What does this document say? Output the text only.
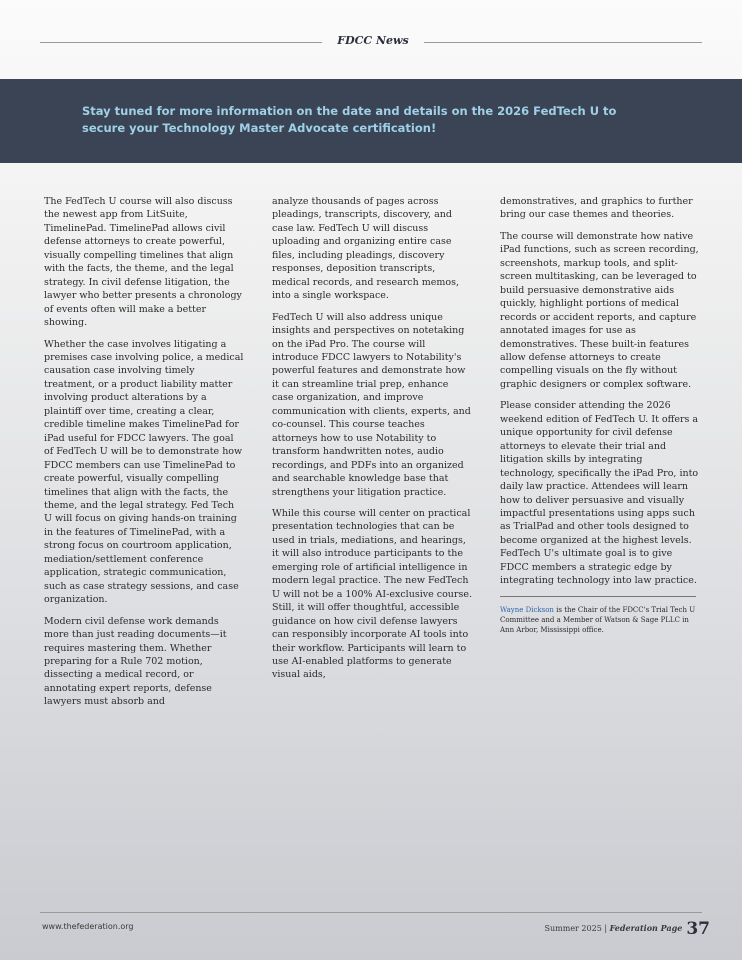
FDCC News
Stay tuned for more information on the date and details on the 2026 FedTech U to secure your Technology Master Advocate certification!

The FedTech U course will also discuss the newest app from LitSuite, TimelinePad. TimelinePad allows civil defense attorneys to create powerful, visually compelling timelines that align with the facts, the theme, and the legal strategy. In civil defense litigation, the lawyer who better presents a chronology of events often will make a better showing.

Whether the case involves litigating a premises case involving police, a medical causation case involving timely treatment, or a product liability matter involving product alterations by a plaintiff over time, creating a clear, credible timeline makes TimelinePad for iPad useful for FDCC lawyers. The goal of FedTech U will be to demonstrate how FDCC members can use TimelinePad to create powerful, visually compelling timelines that align with the facts, the theme, and the legal strategy. Fed Tech U will focus on giving hands-on training in the features of TimelinePad, with a strong focus on courtroom application, mediation/settlement conference application, strategic communication, such as case strategy sessions, and case organization.

Modern civil defense work demands more than just reading documents—it requires mastering them. Whether preparing for a Rule 702 motion, dissecting a medical record, or annotating expert reports, defense lawyers must absorb and

analyze thousands of pages across pleadings, transcripts, discovery, and case law. FedTech U will discuss uploading and organizing entire case files, including pleadings, discovery responses, deposition transcripts, medical records, and research memos, into a single workspace.

FedTech U will also address unique insights and perspectives on notetaking on the iPad Pro. The course will introduce FDCC lawyers to Notability's powerful features and demonstrate how it can streamline trial prep, enhance case organization, and improve communication with clients, experts, and co-counsel. This course teaches attorneys how to use Notability to transform handwritten notes, audio recordings, and PDFs into an organized and searchable knowledge base that strengthens your litigation practice.

While this course will center on practical presentation technologies that can be used in trials, mediations, and hearings, it will also introduce participants to the emerging role of artificial intelligence in modern legal practice. The new FedTech U will not be a 100% AI-exclusive course. Still, it will offer thoughtful, accessible guidance on how civil defense lawyers can responsibly incorporate AI tools into their workflow. Participants will learn to use AI-enabled platforms to generate visual aids,

demonstratives, and graphics to further bring our case themes and theories.

The course will demonstrate how native iPad functions, such as screen recording, screenshots, markup tools, and split-screen multitasking, can be leveraged to build persuasive demonstrative aids quickly, highlight portions of medical records or accident reports, and capture annotated images for use as demonstratives. These built-in features allow defense attorneys to create compelling visuals on the fly without graphic designers or complex software.

Please consider attending the 2026 weekend edition of FedTech U. It offers a unique opportunity for civil defense attorneys to elevate their trial and litigation skills by integrating technology, specifically the iPad Pro, into daily law practice. Attendees will learn how to deliver persuasive and visually impactful presentations using apps such as TrialPad and other tools designed to become organized at the highest levels. FedTech U's ultimate goal is to give FDCC members a strategic edge by integrating technology into law practice.

Wayne Dickson is the Chair of the FDCC's Trial Tech U Committee and a Member of Watson & Sage PLLC in Ann Arbor, Mississippi office.
www.thefederation.org	Summer 2025 | Federation Page 37
